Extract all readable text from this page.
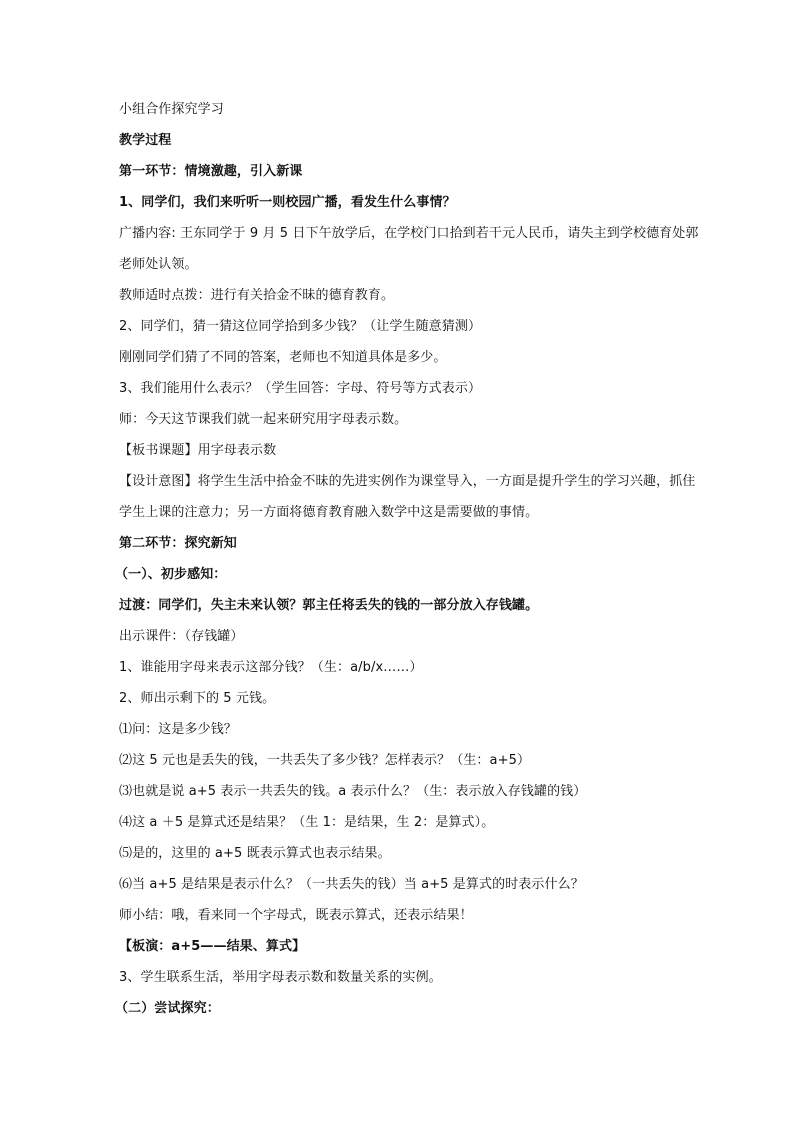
小组合作探究学习

教学过程

第一环节：情境激趣，引入新课

1、同学们，我们来听听一则校园广播，看发生什么事情？

广播内容: 王东同学于 9 月 5 日下午放学后，在学校门口拾到若干元人民币，请失主到学校德育处郭老师处认领。

教师适时点拨：进行有关拾金不昧的德育教育。

2、同学们，猜一猜这位同学拾到多少钱？（让学生随意猜测）

刚刚同学们猜了不同的答案，老师也不知道具体是多少。

3、我们能用什么表示？（学生回答：字母、符号等方式表示）

师：今天这节课我们就一起来研究用字母表示数。

【板书课题】用字母表示数

【设计意图】将学生生活中拾金不昧的先进实例作为课堂导入，一方面是提升学生的学习兴趣，抓住学生上课的注意力；另一方面将德育教育融入数学中这是需要做的事情。

第二环节：探究新知

（一）、初步感知：

过渡：同学们，失主未来认领？郭主任将丢失的钱的一部分放入存钱罐。

出示课件：（存钱罐）

1、谁能用字母来表示这部分钱？（生：a/b/x……）

2、师出示剩下的 5 元钱。

⑴问：这是多少钱？

⑵这 5 元也是丢失的钱，一共丢失了多少钱？怎样表示？（生：a+5）

⑶也就是说 a+5 表示一共丢失的钱。a 表示什么？（生：表示放入存钱罐的钱）

⑷这 a ＋5 是算式还是结果？（生 1：是结果，生 2：是算式）。

⑸是的，这里的 a+5 既表示算式也表示结果。

⑹当 a+5 是结果是表示什么？（一共丢失的钱）当 a+5 是算式的时表示什么？

师小结：哦，看来同一个字母式，既表示算式，还表示结果！

【板演：a+5——结果、算式】

3、学生联系生活，举用字母表示数和数量关系的实例。

（二）尝试探究：
